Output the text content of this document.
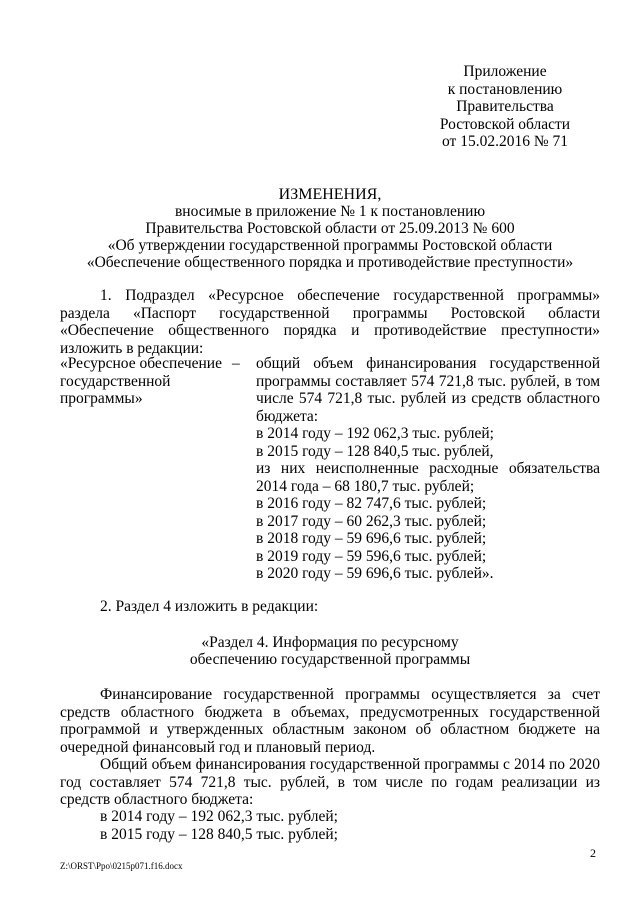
Приложение
к постановлению
Правительства
Ростовской области
от 15.02.2016 № 71
ИЗМЕНЕНИЯ,
вносимые в приложение № 1 к постановлению
Правительства Ростовской области от 25.09.2013 № 600
«Об утверждении государственной программы Ростовской области
«Обеспечение общественного порядка и противодействие преступности»
1. Подраздел «Ресурсное обеспечение государственной программы» раздела «Паспорт государственной программы Ростовской области «Обеспечение общественного порядка и противодействие преступности» изложить в редакции:
«Ресурсное обеспечение
государственной
программы»
– общий объем финансирования государственной программы составляет 574 721,8 тыс. рублей, в том числе 574 721,8 тыс. рублей из средств областного бюджета:
в 2014 году – 192 062,3 тыс. рублей;
в 2015 году – 128 840,5 тыс. рублей,
из них неисполненные расходные обязательства 2014 года – 68 180,7 тыс. рублей;
в 2016 году – 82 747,6 тыс. рублей;
в 2017 году – 60 262,3 тыс. рублей;
в 2018 году – 59 696,6 тыс. рублей;
в 2019 году – 59 596,6 тыс. рублей;
в 2020 году – 59 696,6 тыс. рублей».
2. Раздел 4 изложить в редакции:
«Раздел 4. Информация по ресурсному
обеспечению государственной программы
Финансирование государственной программы осуществляется за счет средств областного бюджета в объемах, предусмотренных государственной программой и утвержденных областным законом об областном бюджете на очередной финансовый год и плановый период.
Общий объем финансирования государственной программы с 2014 по 2020 год составляет 574 721,8 тыс. рублей, в том числе по годам реализации из средств областного бюджета:
в 2014 году – 192 062,3 тыс. рублей;
в 2015 году – 128 840,5 тыс. рублей;
2
Z:\ORST\Ppo\0215p071.f16.docx
